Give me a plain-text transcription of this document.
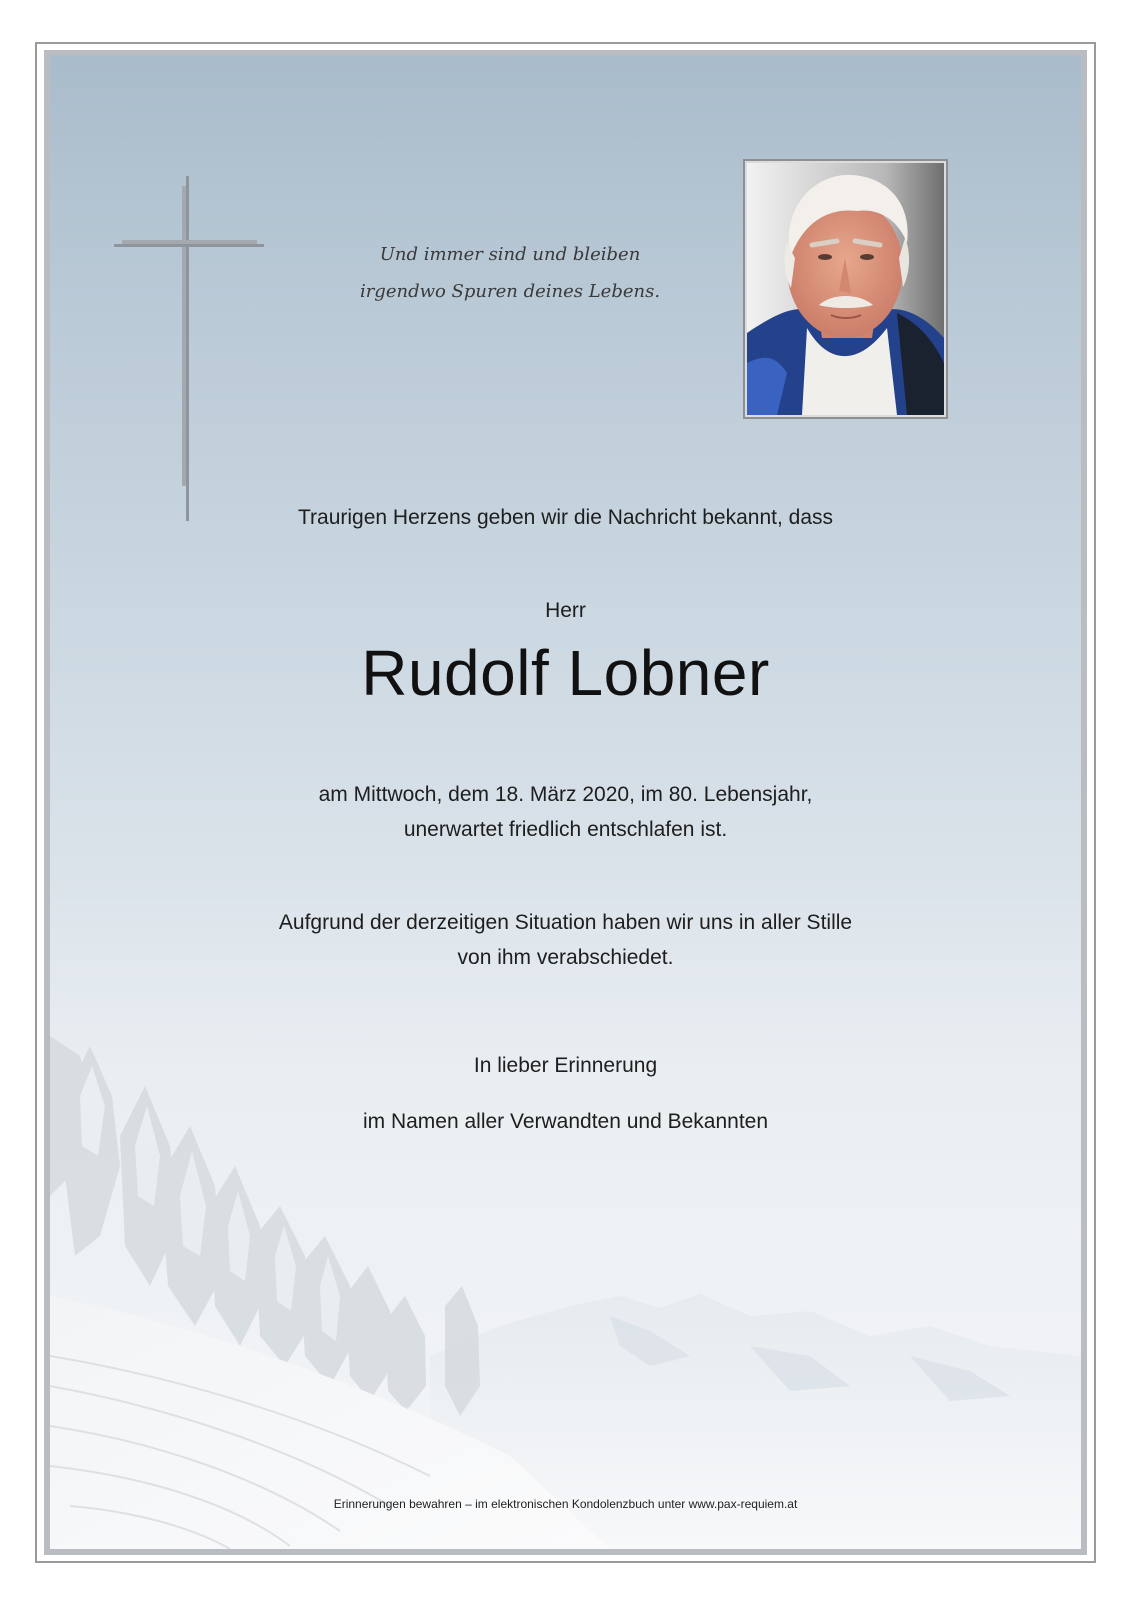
Und immer sind und bleiben
irgendwo Spuren deines Lebens.
Traurigen Herzens geben wir die Nachricht bekannt, dass
Herr
Rudolf Lobner
am Mittwoch, dem 18. März 2020, im 80. Lebensjahr,
unerwartet friedlich entschlafen ist.
Aufgrund der derzeitigen Situation haben wir uns in aller Stille
von ihm verabschiedet.
In lieber Erinnerung
im Namen aller Verwandten und Bekannten
Erinnerungen bewahren – im elektronischen Kondolenzbuch unter www.pax-requiem.at
